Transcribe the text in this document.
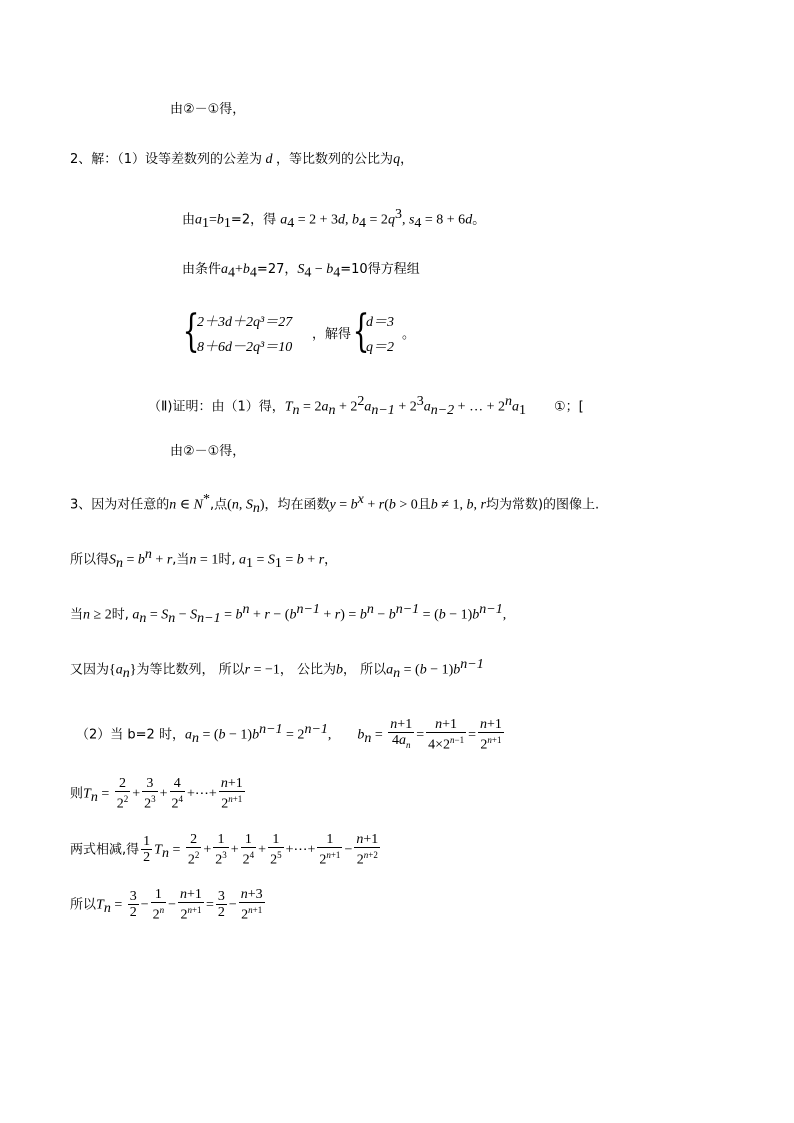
由②－①得，
2、解：（1）设等差数列的公差为 d ，等比数列的公比为q，
由$a_1=b_1=2$，得 $a_4 = 2 + 3d$, $b_4 = 2q^3$, $s_4 = 8 + 6d$。
由条件$a_4+b_4=27$，$S_4 - b_4=10$得方程组
{
2＋3d＋2q³＝27
8＋6d－2q³＝10
，解得 {
d＝3
q＝2
。
（Ⅱ)证明：由（1）得，$T_n = 2a_n + 2^2a_{n-1} + 2^3a_{n-2}$ + … + $2^na_1$ ①；[
由②－①得，
3、因为对任意的n ∈ N*,点(n, $S_n$)，均在函数$y = b^x + r(b > 0$且b ≠ 1, b, r均为常数)的图像上.
所以得$S_n = b^n + r$,当n = 1时, $a_1 = S_1 = b + r$，
当n ≥ 2时, $a_n = S_n - S_{n-1} = b^n + r - (b^{n-1} + r) = b^n - b^{n-1} = (b - 1)b^{n-1}$,
又因为$\{a_n\}$为等比数列， 所以r = −1， 公比为b， 所以$a_n = (b - 1)b^{n-1}$
（2）当 b=2 时，$a_n = (b - 1)b^{n-1} = 2^{n-1}$, $b_n = \frac{n+1}{4a_n} = \frac{n+1}{4\times 2^{n-1}} = \frac{n+1}{2^{n+1}}$
则$T_n = \frac{2}{2^2} + \frac{3}{2^3} + \frac{4}{2^4}$ +⋯+ $\frac{n+1}{2^{n+1}}$
两式相减,得 $\frac{1}{2} T_n = \frac{2}{2^2} + \frac{1}{2^3} + \frac{1}{2^4} + \frac{1}{2^5}$ +⋯+ $\frac{1}{2^{n+1}} - \frac{n+1}{2^{n+2}}$
所以$T_n = \frac{3}{2} - \frac{1}{2^n} - \frac{n+1}{2^{n+1}} = \frac{3}{2} - \frac{n+3}{2^{n+1}}$
